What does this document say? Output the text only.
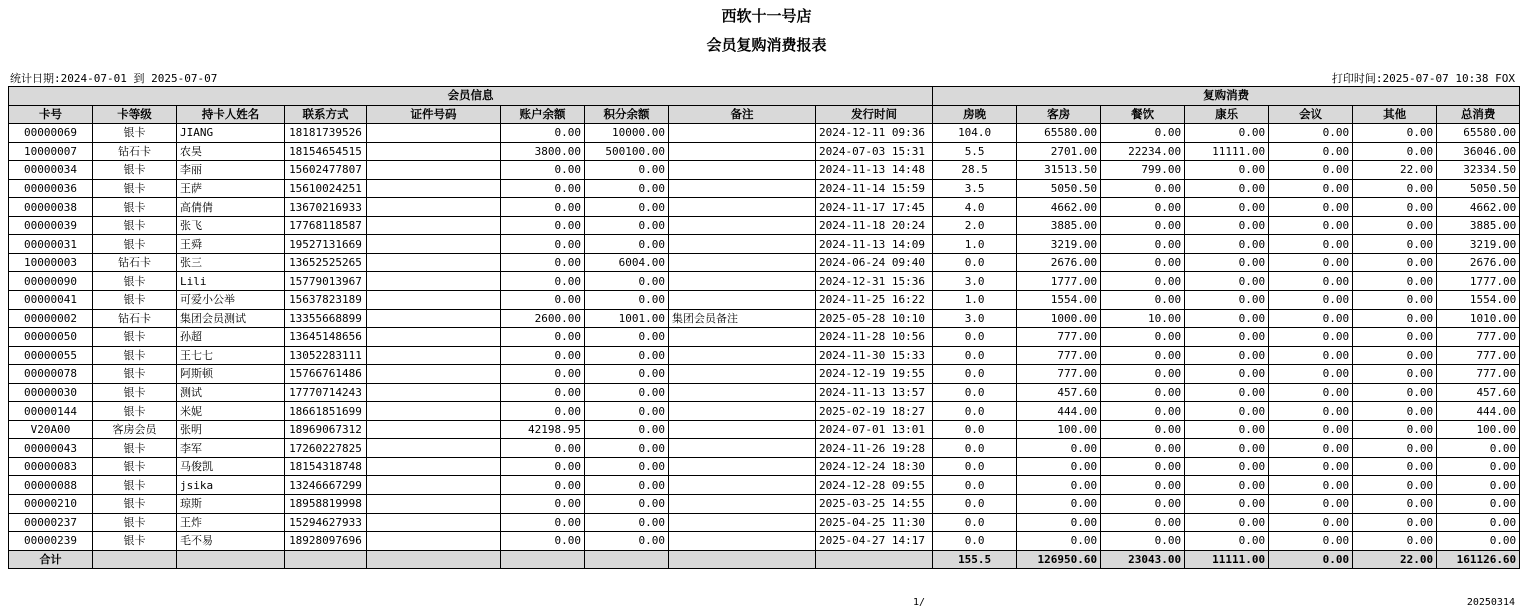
西软十一号店
会员复购消费报表
统计日期:2024-07-01 到 2025-07-07	打印时间:2025-07-07 10:38 FOX
会员信息									复购消费						
卡号	卡等级	持卡人姓名	联系方式	证件号码	账户余额	积分余额	备注	发行时间	房晚	客房	餐饮	康乐	会议	其他	总消费
00000069	银卡	JIANG	18181739526		0.00	10000.00		2024-12-11 09:36	104.0	65580.00	0.00	0.00	0.00	0.00	65580.00
10000007	钻石卡	农昊	18154654515		3800.00	500100.00		2024-07-03 15:31	5.5	2701.00	22234.00	11111.00	0.00	0.00	36046.00
00000034	银卡	李丽	15602477807		0.00	0.00		2024-11-13 14:48	28.5	31513.50	799.00	0.00	0.00	22.00	32334.50
00000036	银卡	王萨	15610024251		0.00	0.00		2024-11-14 15:59	3.5	5050.50	0.00	0.00	0.00	0.00	5050.50
00000038	银卡	高倩倩	13670216933		0.00	0.00		2024-11-17 17:45	4.0	4662.00	0.00	0.00	0.00	0.00	4662.00
00000039	银卡	张飞	17768118587		0.00	0.00		2024-11-18 20:24	2.0	3885.00	0.00	0.00	0.00	0.00	3885.00
00000031	银卡	王舜	19527131669		0.00	0.00		2024-11-13 14:09	1.0	3219.00	0.00	0.00	0.00	0.00	3219.00
10000003	钻石卡	张三	13652525265		0.00	6004.00		2024-06-24 09:40	0.0	2676.00	0.00	0.00	0.00	0.00	2676.00
00000090	银卡	Lili	15779013967		0.00	0.00		2024-12-31 15:36	3.0	1777.00	0.00	0.00	0.00	0.00	1777.00
00000041	银卡	可爱小公举	15637823189		0.00	0.00		2024-11-25 16:22	1.0	1554.00	0.00	0.00	0.00	0.00	1554.00
00000002	钻石卡	集团会员测试	13355668899		2600.00	1001.00	集团会员备注	2025-05-28 10:10	3.0	1000.00	10.00	0.00	0.00	0.00	1010.00
00000050	银卡	孙超	13645148656		0.00	0.00		2024-11-28 10:56	0.0	777.00	0.00	0.00	0.00	0.00	777.00
00000055	银卡	王七七	13052283111		0.00	0.00		2024-11-30 15:33	0.0	777.00	0.00	0.00	0.00	0.00	777.00
00000078	银卡	阿斯顿	15766761486		0.00	0.00		2024-12-19 19:55	0.0	777.00	0.00	0.00	0.00	0.00	777.00
00000030	银卡	测试	17770714243		0.00	0.00		2024-11-13 13:57	0.0	457.60	0.00	0.00	0.00	0.00	457.60
00000144	银卡	米妮	18661851699		0.00	0.00		2025-02-19 18:27	0.0	444.00	0.00	0.00	0.00	0.00	444.00
V20A00	客房会员	张明	18969067312		42198.95	0.00		2024-07-01 13:01	0.0	100.00	0.00	0.00	0.00	0.00	100.00
00000043	银卡	李军	17260227825		0.00	0.00		2024-11-26 19:28	0.0	0.00	0.00	0.00	0.00	0.00	0.00
00000083	银卡	马俊凯	18154318748		0.00	0.00		2024-12-24 18:30	0.0	0.00	0.00	0.00	0.00	0.00	0.00
00000088	银卡	jsika	13246667299		0.00	0.00		2024-12-28 09:55	0.0	0.00	0.00	0.00	0.00	0.00	0.00
00000210	银卡	琼斯	18958819998		0.00	0.00		2025-03-25 14:55	0.0	0.00	0.00	0.00	0.00	0.00	0.00
00000237	银卡	王炸	15294627933		0.00	0.00		2025-04-25 11:30	0.0	0.00	0.00	0.00	0.00	0.00	0.00
00000239	银卡	毛不易	18928097696		0.00	0.00		2025-04-27 14:17	0.0	0.00	0.00	0.00	0.00	0.00	0.00
合计									155.5	126950.60	23043.00	11111.00	0.00	22.00	161126.60
1/	20250314
